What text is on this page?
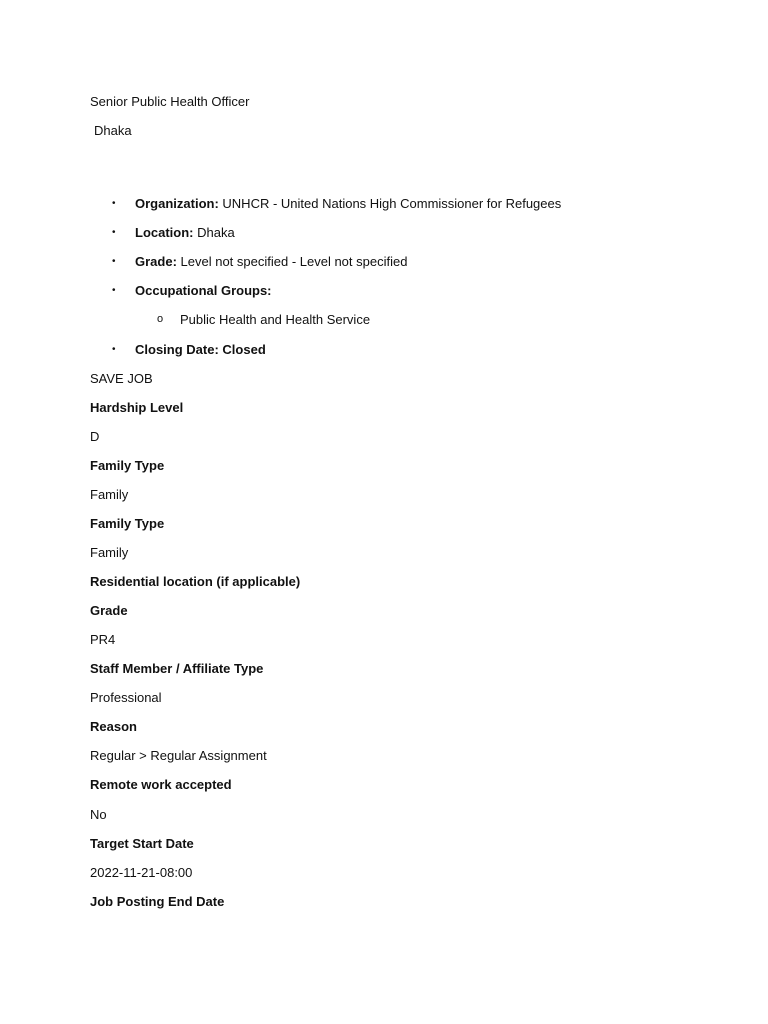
Senior Public Health Officer
Dhaka
• Organization: UNHCR - United Nations High Commissioner for Refugees
• Location: Dhaka
• Grade: Level not specified - Level not specified
• Occupational Groups:
o Public Health and Health Service
• Closing Date: Closed
SAVE JOB
Hardship Level
D
Family Type
Family
Family Type
Family
Residential location (if applicable)
Grade
PR4
Staff Member / Affiliate Type
Professional
Reason
Regular > Regular Assignment
Remote work accepted
No
Target Start Date
2022-11-21-08:00
Job Posting End Date
